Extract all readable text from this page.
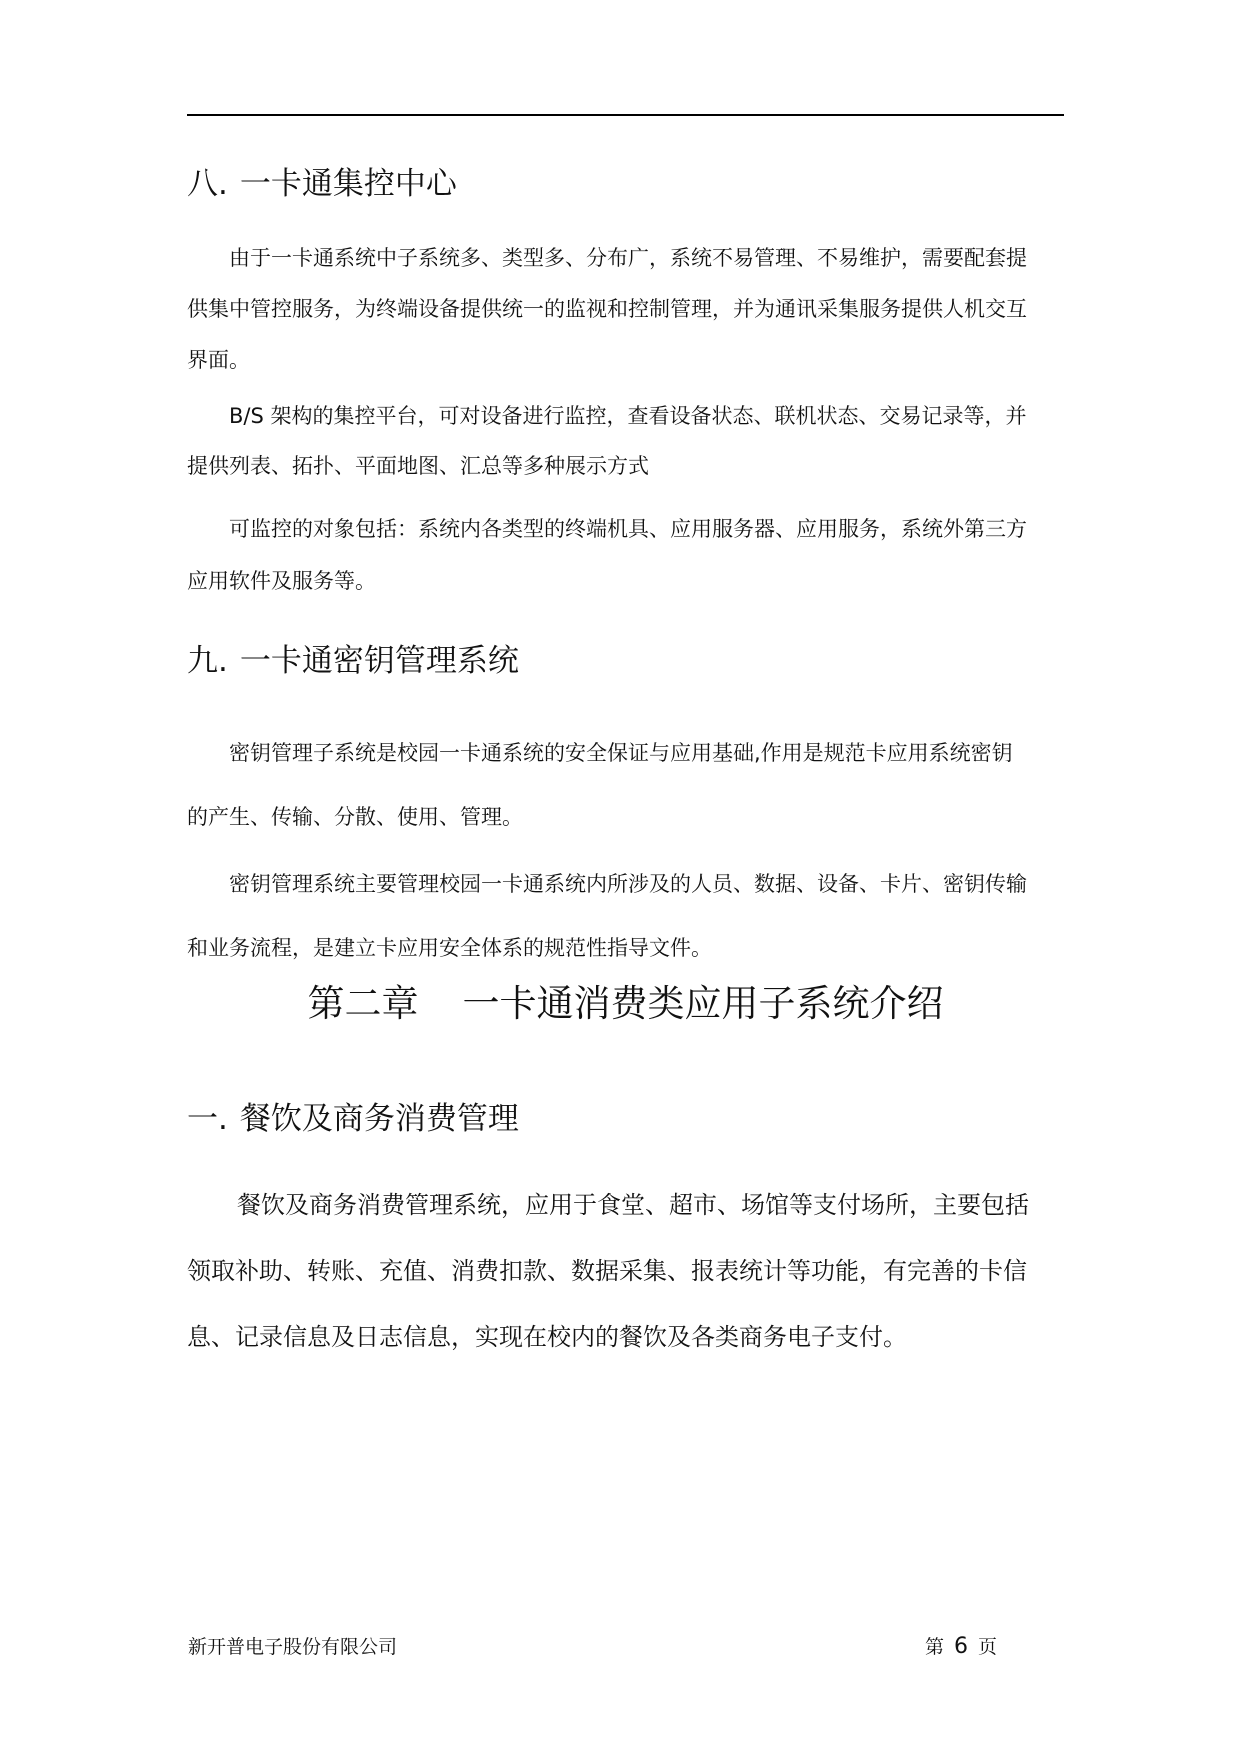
八. 一卡通集控中心
由于一卡通系统中子系统多、类型多、分布广，系统不易管理、不易维护，需要配套提
供集中管控服务，为终端设备提供统一的监视和控制管理，并为通讯采集服务提供人机交互
界面。
B/S 架构的集控平台，可对设备进行监控，查看设备状态、联机状态、交易记录等，并
提供列表、拓扑、平面地图、汇总等多种展示方式
可监控的对象包括：系统内各类型的终端机具、应用服务器、应用服务，系统外第三方
应用软件及服务等。
九. 一卡通密钥管理系统
密钥管理子系统是校园一卡通系统的安全保证与应用基础,作用是规范卡应用系统密钥
的产生、传输、分散、使用、管理。
密钥管理系统主要管理校园一卡通系统内所涉及的人员、数据、设备、卡片、密钥传输
和业务流程，是建立卡应用安全体系的规范性指导文件。
第二章 一卡通消费类应用子系统介绍
一. 餐饮及商务消费管理
餐饮及商务消费管理系统，应用于食堂、超市、场馆等支付场所，主要包括
领取补助、转账、充值、消费扣款、数据采集、报表统计等功能，有完善的卡信
息、记录信息及日志信息，实现在校内的餐饮及各类商务电子支付。
新开普电子股份有限公司	第 6 页
